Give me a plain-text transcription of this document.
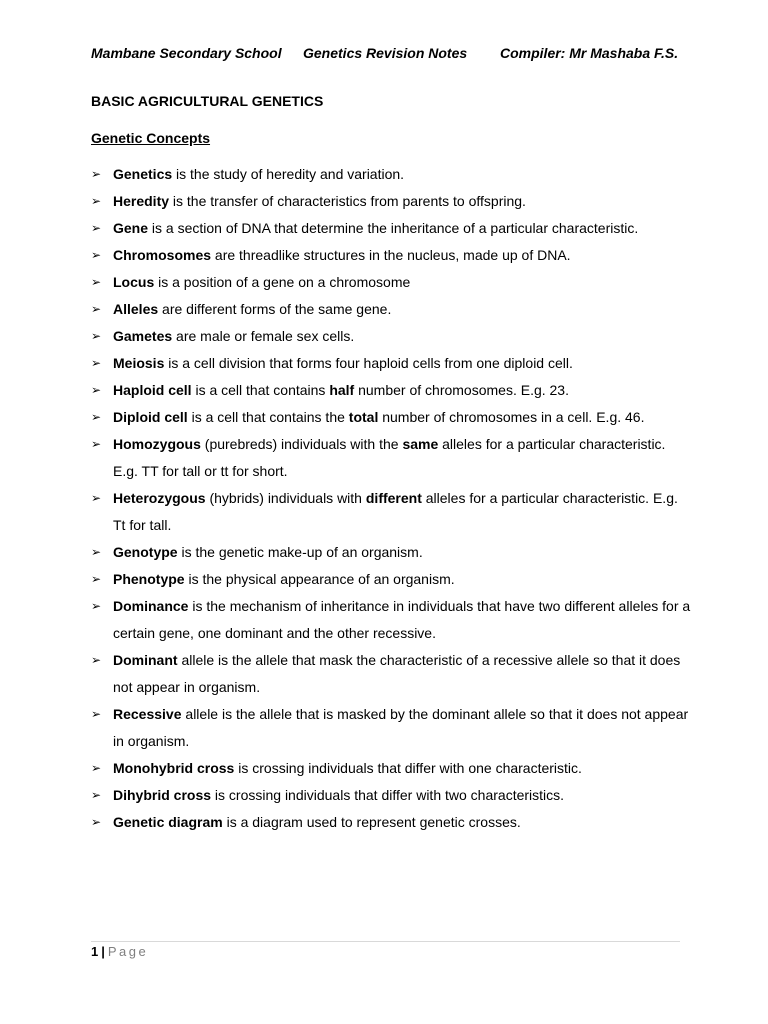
Mambane Secondary School Genetics Revision Notes Compiler: Mr Mashaba F.S.
BASIC AGRICULTURAL GENETICS
Genetic Concepts
➢ Genetics is the study of heredity and variation.
➢ Heredity is the transfer of characteristics from parents to offspring.
➢ Gene is a section of DNA that determine the inheritance of a particular characteristic.
➢ Chromosomes are threadlike structures in the nucleus, made up of DNA.
➢ Locus is a position of a gene on a chromosome
➢ Alleles are different forms of the same gene.
➢ Gametes are male or female sex cells.
➢ Meiosis is a cell division that forms four haploid cells from one diploid cell.
➢ Haploid cell is a cell that contains half number of chromosomes. E.g. 23.
➢ Diploid cell is a cell that contains the total number of chromosomes in a cell. E.g. 46.
➢ Homozygous (purebreds) individuals with the same alleles for a particular characteristic. E.g. TT for tall or tt for short.
➢ Heterozygous (hybrids) individuals with different alleles for a particular characteristic. E.g. Tt for tall.
➢ Genotype is the genetic make-up of an organism.
➢ Phenotype is the physical appearance of an organism.
➢ Dominance is the mechanism of inheritance in individuals that have two different alleles for a certain gene, one dominant and the other recessive.
➢ Dominant allele is the allele that mask the characteristic of a recessive allele so that it does not appear in organism.
➢ Recessive allele is the allele that is masked by the dominant allele so that it does not appear in organism.
➢ Monohybrid cross is crossing individuals that differ with one characteristic.
➢ Dihybrid cross is crossing individuals that differ with two characteristics.
➢ Genetic diagram is a diagram used to represent genetic crosses.
1 | Page
